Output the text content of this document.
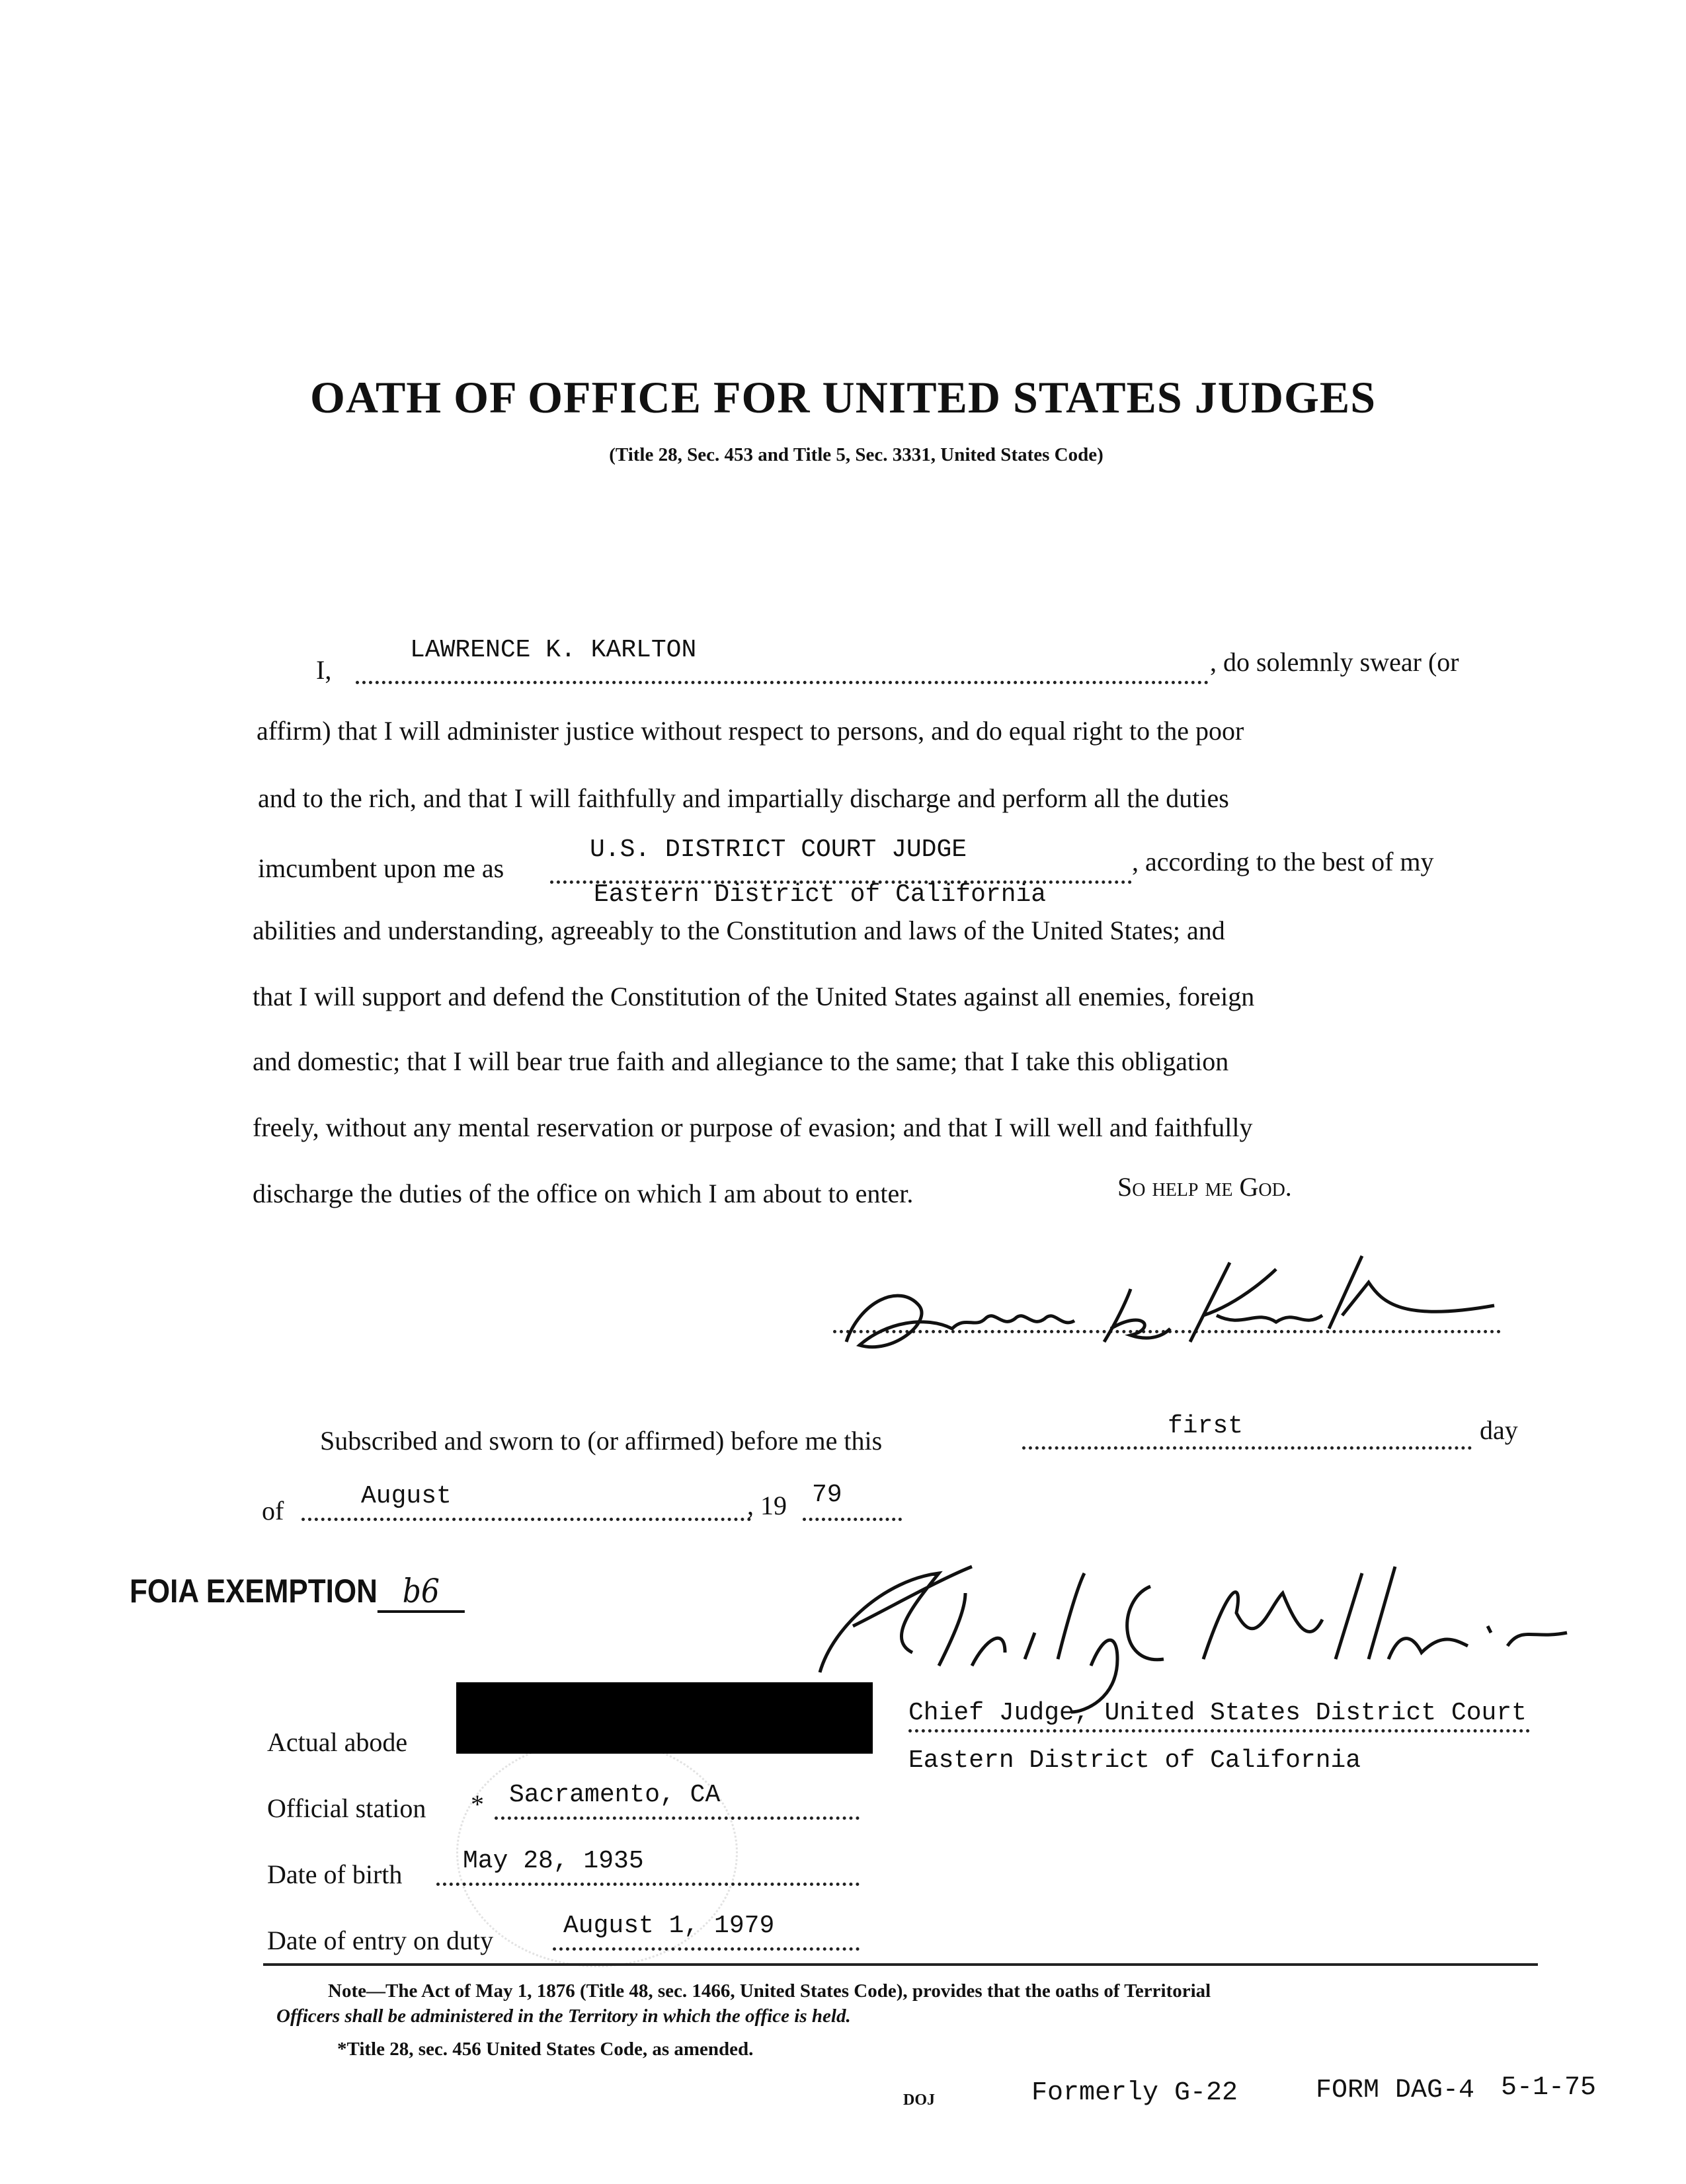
OATH OF OFFICE FOR UNITED STATES JUDGES
(Title 28, Sec. 453 and Title 5, Sec. 3331, United States Code)
I,
LAWRENCE K. KARLTON	, do solemnly swear (or
affirm) that I will administer justice without respect to persons, and do equal right to the poor
and to the rich, and that I will faithfully and impartially discharge and perform all the duties
imcumbent upon me as
U.S. DISTRICT COURT JUDGE	, according to the best of my
Eastern District of California
abilities and understanding, agreeably to the Constitution and laws of the United States; and
that I will support and defend the Constitution of the United States against all enemies, foreign
and domestic; that I will bear true faith and allegiance to the same; that I take this obligation
freely, without any mental reservation or purpose of evasion; and that I will well and faithfully
discharge the duties of the office on which I am about to enter.	So help me God.
Subscribed and sworn to (or affirmed) before me this	first	day
of	August	, 19 79
FOIA EXEMPTION b6
Chief Judge, United States District Court
Eastern District of California
Actual abode
Official station * Sacramento, CA
Date of birth May 28, 1935
Date of entry on duty	August 1, 1979
Note—The Act of May 1, 1876 (Title 48, sec. 1466, United States Code), provides that the oaths of Territorial
Officers shall be administered in the Territory in which the office is held.
*Title 28, sec. 456 United States Code, as amended.
DOJ	Formerly G-22	FORM DAG-4 5-1-75
